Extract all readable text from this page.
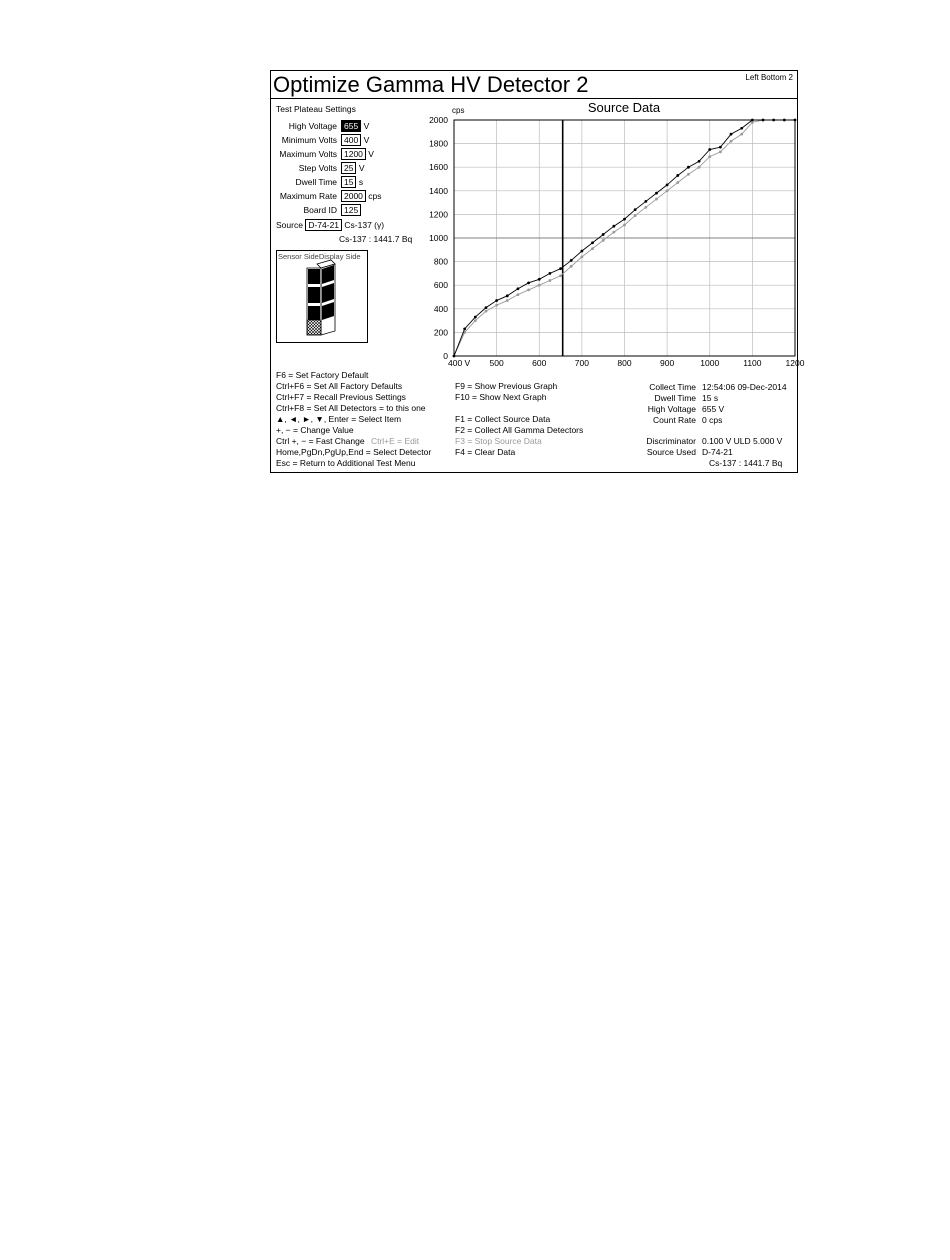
Optimize Gamma HV Detector 2	Left Bottom 2
Test Plateau Settings
High Voltage 655 V
Minimum Volts 400 V
Maximum Volts 1200 V
Step Volts 25 V
Dwell Time 15 s
Maximum Rate 2000 cps
Board ID 125
Source D-74-21 Cs-137 (γ)
Cs-137 : 1441.7 Bq
Sensor SideDisplay Side
400 V 500	600	700	800	900	1000	1100	1200
0
200
400
600
800
1000
1200
1400
1600
1800
2000
Source Data
cps
F6 = Set Factory Default
Ctrl+F6 = Set All Factory Defaults
Ctrl+F7 = Recall Previous Settings
Ctrl+F8 = Set All Detectors = to this one
▲, ◄, ►, ▼, Enter = Select Item
+, − = Change Value
Ctrl +, − = Fast Change Ctrl+E = Edit
Home,PgDn,PgUp,End = Select Detector
Esc = Return to Additional Test Menu
F9 = Show Previous Graph
F10 = Show Next Graph
F1 = Collect Source Data
F2 = Collect All Gamma Detectors
F3 = Stop Source Data
F4 = Clear Data
Collect Time 12:54:06 09-Dec-2014
Dwell Time 15 s
High Voltage 655 V
Count Rate 0 cps
Discriminator 0.100 V ULD 5.000 V
Source Used D-74-21
Cs-137 : 1441.7 Bq
